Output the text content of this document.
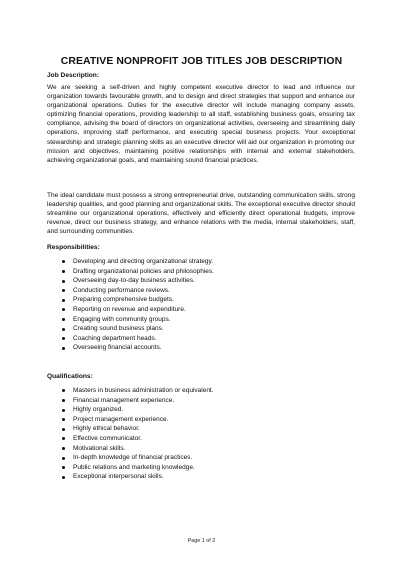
CREATIVE NONPROFIT JOB TITLES JOB DESCRIPTION
Job Description:
We are seeking a self-driven and highly competent executive director to lead and influence our organization towards favourable growth, and to design and direct strategies that support and enhance our organizational operations. Duties for the executive director will include managing company assets, optimizing financial operations, providing leadership to all staff, establishing business goals, ensuring tax compliance, advising the board of directors on organizational activities, overseeing and streamlining daily operations, improving staff performance, and executing special business projects. Your exceptional stewardship and strategic planning skills as an executive director will aid our organization in promoting our mission and objectives, maintaining positive relationships with internal and external stakeholders, achieving organizational goals, and maintaining sound financial practices.
The ideal candidate must possess a strong entrepreneurial drive, outstanding communication skills, strong leadership qualities, and good planning and organizational skills. The exceptional executive director should streamline our organizational operations, effectively and efficiently direct operational budgets, improve revenue, direct our business strategy, and enhance relations with the media, internal stakeholders, staff, and surrounding communities.
Responsibilities:
Developing and directing organizational strategy.
Drafting organizational policies and philosophies.
Overseeing day-to-day business activities.
Conducting performance reviews.
Preparing comprehensive budgets.
Reporting on revenue and expenditure.
Engaging with community groups.
Creating sound business plans.
Coaching department heads.
Overseeing financial accounts.
Qualifications:
Masters in business administration or equivalent.
Financial management experience.
Highly organized.
Project management experience.
Highly ethical behavior.
Effective communicator.
Motivational skills.
In-depth knowledge of financial practices.
Public relations and marketing knowledge.
Exceptional interpersonal skills.
Page 1 of 2
